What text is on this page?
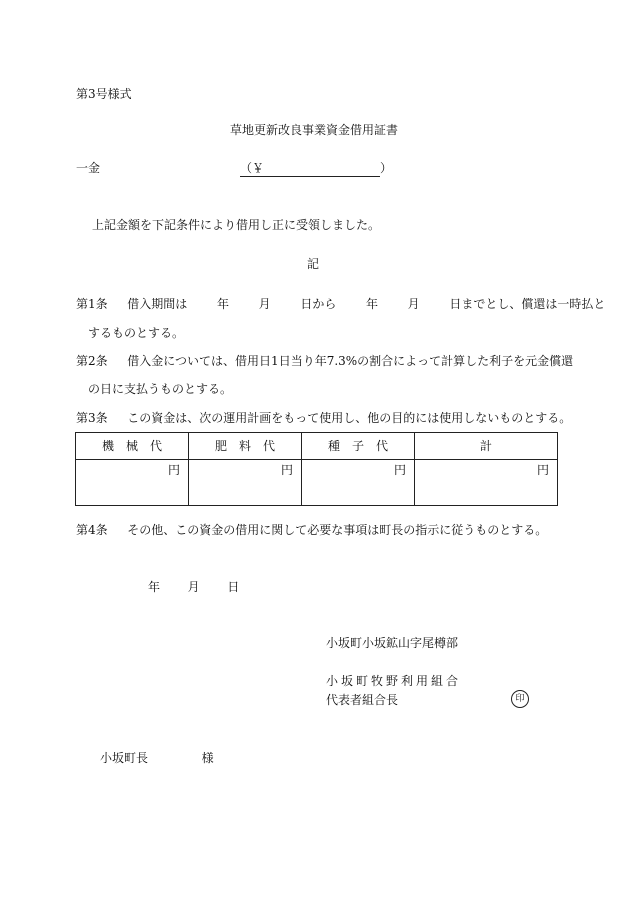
第3号様式
草地更新改良事業資金借用証書
一金	（￥	）
上記金額を下記条件により借用し正に受領しました。
記
第1条 借入期間は 年 月 日から 年 月 日までとし、償還は一時払と
するものとする。
第2条 借入金については、借用日1日当り年7.3%の割合によって計算した利子を元金償還
の日に支払うものとする。
第3条 この資金は、次の運用計画をもって使用し、他の目的には使用しないものとする。
機　械　代	肥　料　代	種　子　代	計
円	円	円	円
第4条 その他、この資金の借用に関して必要な事項は町長の指示に従うものとする。
年 月 日
小坂町小坂鉱山字尾樽部
小坂町牧野利用組合
代表者組合長	印
小坂町長	様
